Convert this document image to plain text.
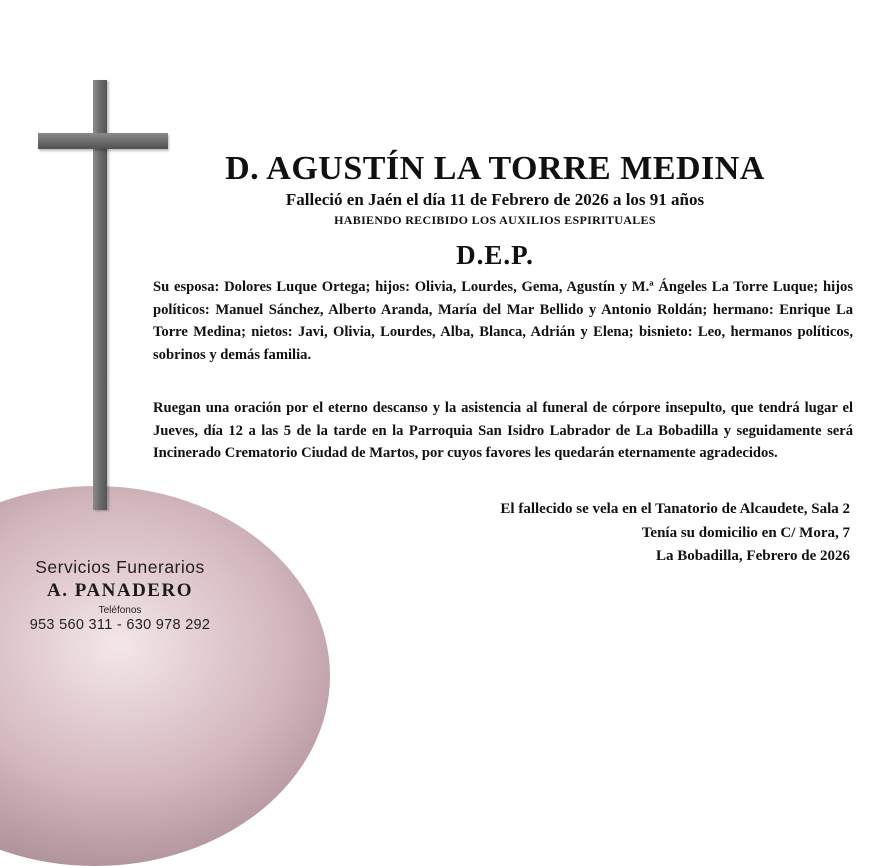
D. AGUSTÍN LA TORRE MEDINA
Falleció en Jaén el día 11 de Febrero de 2026 a los 91 años
HABIENDO RECIBIDO LOS AUXILIOS ESPIRITUALES
D.E.P.
Su esposa: Dolores Luque Ortega; hijos: Olivia, Lourdes, Gema, Agustín y M.ª Ángeles La Torre Luque; hijos políticos: Manuel Sánchez, Alberto Aranda, María del Mar Bellido y Antonio Roldán; hermano: Enrique La Torre Medina; nietos: Javi, Olivia, Lourdes, Alba, Blanca, Adrián y Elena; bisnieto: Leo, hermanos políticos, sobrinos y demás familia.
Ruegan una oración por el eterno descanso y la asistencia al funeral de córpore insepulto, que tendrá lugar el Jueves, día 12 a las 5 de la tarde en la Parroquia San Isidro Labrador de La Bobadilla y seguidamente será Incinerado Crematorio Ciudad de Martos, por cuyos favores les quedarán eternamente agradecidos.
El fallecido se vela en el Tanatorio de Alcaudete, Sala 2
Tenía su domicilio en C/ Mora, 7
La Bobadilla, Febrero de 2026
Servicios Funerarios
A. PANADERO
Teléfonos
953 560 311 - 630 978 292
